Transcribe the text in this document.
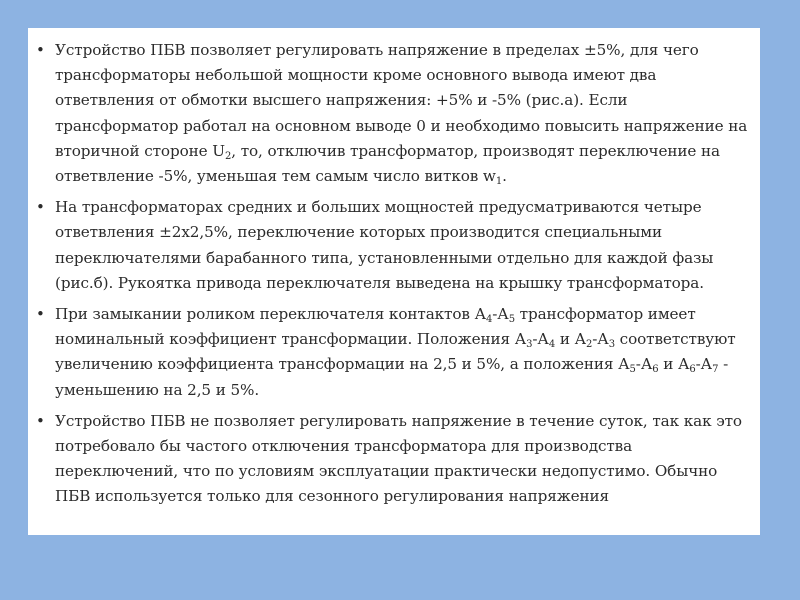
• Устройство ПБВ позволяет регулировать напряжение в пределах ±5%, для чего трансформаторы небольшой мощности кроме основного вывода имеют два ответвления от обмотки высшего напряжения: +5% и -5% (рис.а). Если трансформатор работал на основном выводе 0 и необходимо повысить напряжение на вторичной стороне $U_2$, то, отключив трансформатор, производят переключение на ответвление -5%, уменьшая тем самым число витков $w_1$.
• На трансформаторах средних и больших мощностей предусматриваются четыре ответвления ±2х2,5%, переключение которых производится специальными переключателями барабанного типа, установленными отдельно для каждой фазы (рис.б). Рукоятка привода переключателя выведена на крышку трансформатора.
• При замыкании роликом переключателя контактов $А_4-А_5$ трансформатор имеет номинальный коэффициент трансформации. Положения $А_3-А_4$ и $А_2-А_3$ соответствуют увеличению коэффициента трансформации на 2,5 и 5%, а положения $А_5-А_6$ и $А_6-А_7$ - уменьшению на 2,5 и 5%.
• Устройство ПБВ не позволяет регулировать напряжение в течение суток, так как это потребовало бы частого отключения трансформатора для производства переключений, что по условиям эксплуатации практически недопустимо. Обычно ПБВ используется только для сезонного регулирования напряжения
